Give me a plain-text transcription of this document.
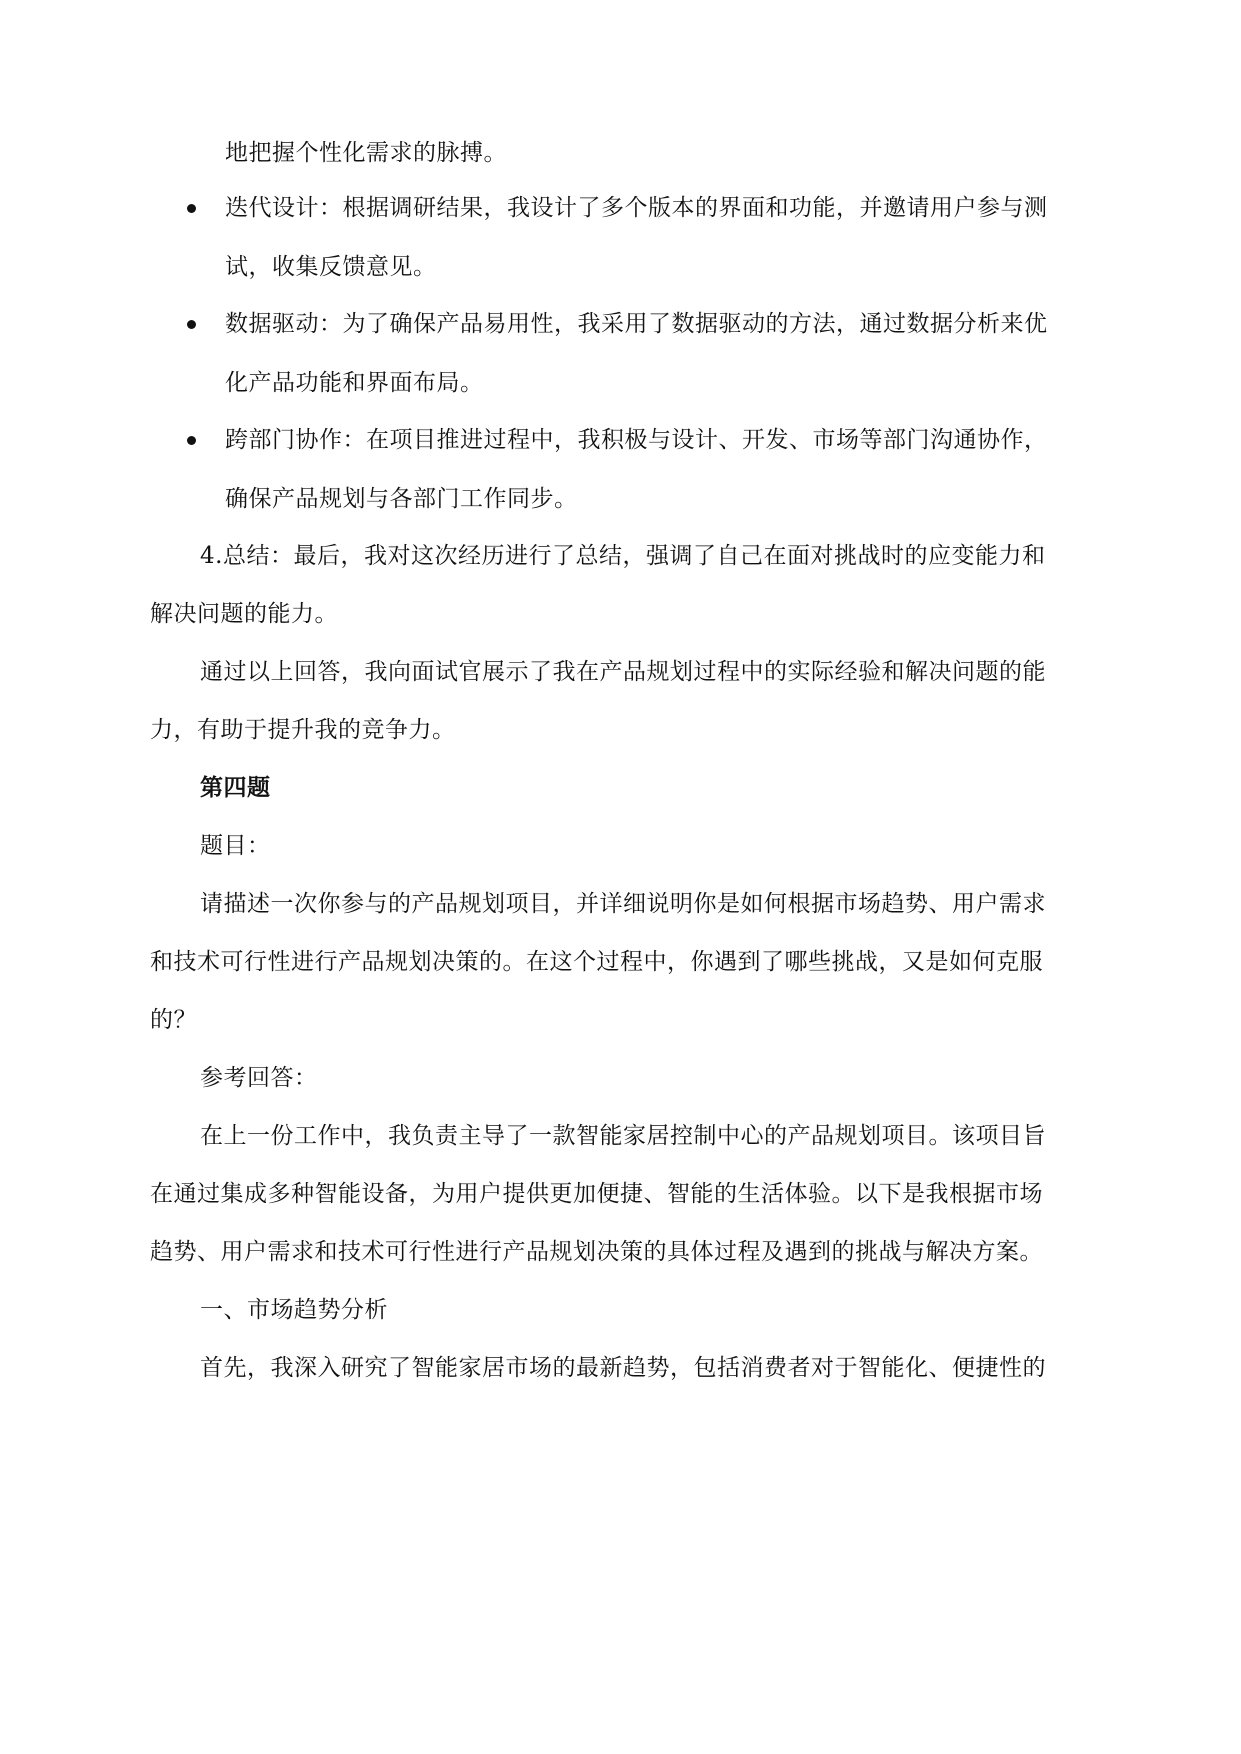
地把握个性化需求的脉搏。
迭代设计：根据调研结果，我设计了多个版本的界面和功能，并邀请用户参与测
试，收集反馈意见。
数据驱动：为了确保产品易用性，我采用了数据驱动的方法，通过数据分析来优
化产品功能和界面布局。
跨部门协作：在项目推进过程中，我积极与设计、开发、市场等部门沟通协作，
确保产品规划与各部门工作同步。
4.总结：最后，我对这次经历进行了总结，强调了自己在面对挑战时的应变能力和
解决问题的能力。
通过以上回答，我向面试官展示了我在产品规划过程中的实际经验和解决问题的能
力，有助于提升我的竞争力。
第四题
题目：
请描述一次你参与的产品规划项目，并详细说明你是如何根据市场趋势、用户需求
和技术可行性进行产品规划决策的。在这个过程中，你遇到了哪些挑战，又是如何克服
的？
参考回答：
在上一份工作中，我负责主导了一款智能家居控制中心的产品规划项目。该项目旨
在通过集成多种智能设备，为用户提供更加便捷、智能的生活体验。以下是我根据市场
趋势、用户需求和技术可行性进行产品规划决策的具体过程及遇到的挑战与解决方案。
一、市场趋势分析
首先，我深入研究了智能家居市场的最新趋势，包括消费者对于智能化、便捷性的
